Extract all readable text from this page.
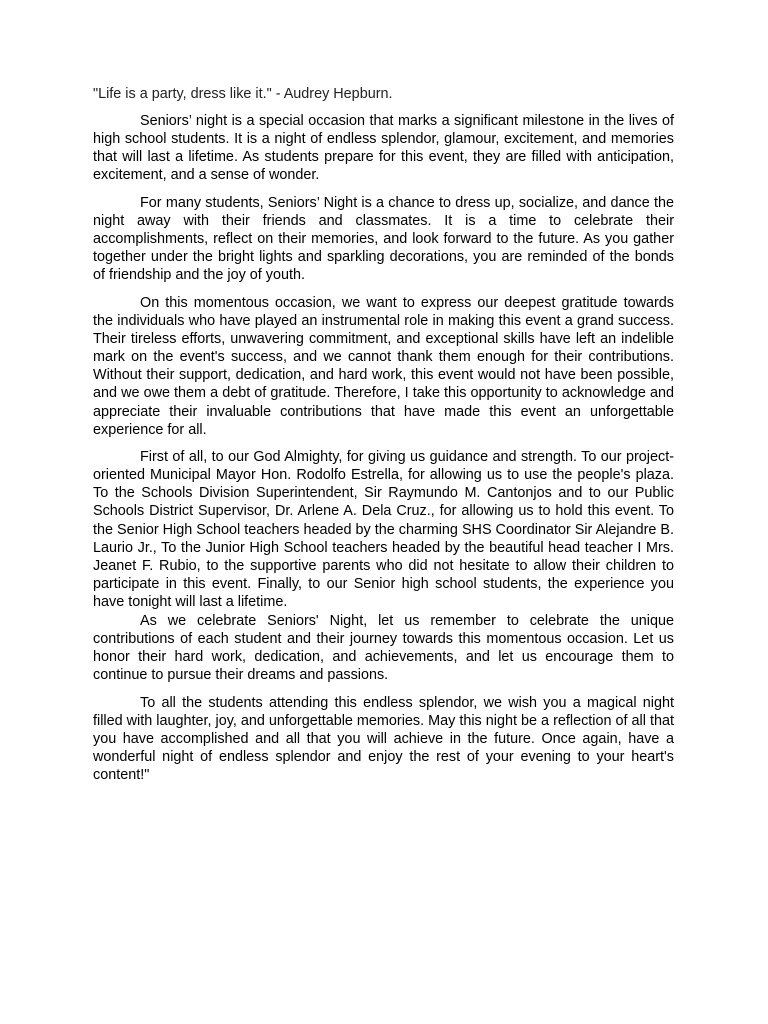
"Life is a party, dress like it." - Audrey Hepburn.

Seniors’ night is a special occasion that marks a significant milestone in the lives of high school students. It is a night of endless splendor, glamour, excitement, and memories that will last a lifetime. As students prepare for this event, they are filled with anticipation, excitement, and a sense of wonder.

For many students, Seniors’ Night is a chance to dress up, socialize, and dance the night away with their friends and classmates. It is a time to celebrate their accomplishments, reflect on their memories, and look forward to the future. As you gather together under the bright lights and sparkling decorations, you are reminded of the bonds of friendship and the joy of youth.

On this momentous occasion, we want to express our deepest gratitude towards the individuals who have played an instrumental role in making this event a grand success. Their tireless efforts, unwavering commitment, and exceptional skills have left an indelible mark on the event's success, and we cannot thank them enough for their contributions. Without their support, dedication, and hard work, this event would not have been possible, and we owe them a debt of gratitude. Therefore, I take this opportunity to acknowledge and appreciate their invaluable contributions that have made this event an unforgettable experience for all.

First of all, to our God Almighty, for giving us guidance and strength. To our project-oriented Municipal Mayor Hon. Rodolfo Estrella, for allowing us to use the people's plaza. To the Schools Division Superintendent, Sir Raymundo M. Cantonjos and to our Public Schools District Supervisor, Dr. Arlene A. Dela Cruz., for allowing us to hold this event. To the Senior High School teachers headed by the charming SHS Coordinator Sir Alejandre B. Laurio Jr., To the Junior High School teachers headed by the beautiful head teacher I Mrs. Jeanet F. Rubio, to the supportive parents who did not hesitate to allow their children to participate in this event. Finally, to our Senior high school students, the experience you have tonight will last a lifetime.

As we celebrate Seniors' Night, let us remember to celebrate the unique contributions of each student and their journey towards this momentous occasion. Let us honor their hard work, dedication, and achievements, and let us encourage them to continue to pursue their dreams and passions.

To all the students attending this endless splendor, we wish you a magical night filled with laughter, joy, and unforgettable memories. May this night be a reflection of all that you have accomplished and all that you will achieve in the future. Once again, have a wonderful night of endless splendor and enjoy the rest of your evening to your heart's content!"
